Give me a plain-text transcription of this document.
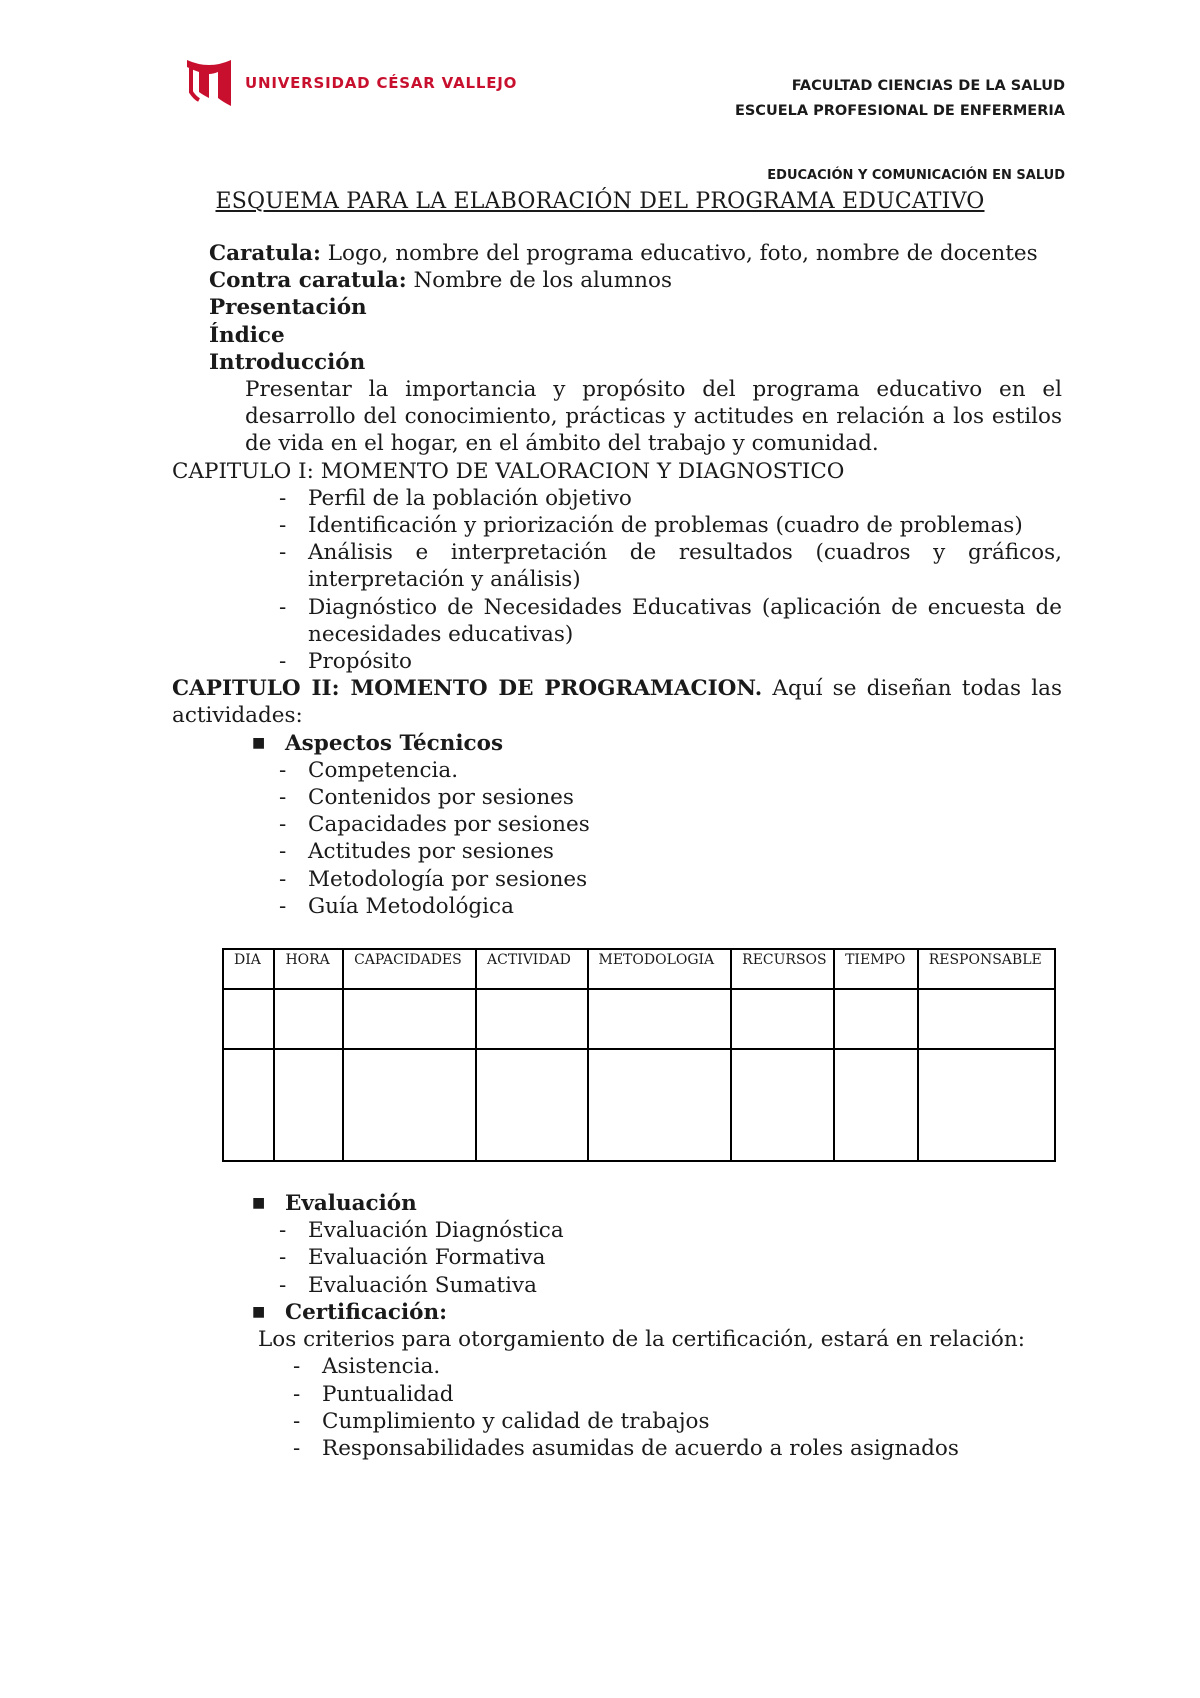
UNIVERSIDAD CÉSAR VALLEJO	FACULTAD CIENCIAS DE LA SALUD
ESCUELA PROFESIONAL DE ENFERMERIA
EDUCACIÓN Y COMUNICACIÓN EN SALUD
ESQUEMA PARA LA ELABORACIÓN DEL PROGRAMA EDUCATIVO

Caratula: Logo, nombre del programa educativo, foto, nombre de docentes

Contra caratula: Nombre de los alumnos

Presentación

Índice

Introducción

Presentar la importancia y propósito del programa educativo en el desarrollo del conocimiento, prácticas y actitudes en relación a los estilos de vida en el hogar, en el ámbito del trabajo y comunidad.

CAPITULO I: MOMENTO DE VALORACION Y DIAGNOSTICO

-	Perfil de la población objetivo
-	Identificación y priorización de problemas (cuadro de problemas)
-	Análisis e interpretación de resultados (cuadros y gráficos, interpretación y análisis)
-	Diagnóstico de Necesidades Educativas (aplicación de encuesta de necesidades educativas)
-	Propósito

CAPITULO II: MOMENTO DE PROGRAMACION. Aquí se diseñan todas las actividades:

■ Aspectos Técnicos
-	Competencia.
-	Contenidos por sesiones
-	Capacidades por sesiones
-	Actitudes por sesiones
-	Metodología por sesiones
-	Guía Metodológica
DIA	HORA	CAPACIDADES	ACTIVIDAD	METODOLOGIA	RECURSOS	TIEMPO	RESPONSABLE

■ Evaluación
-	Evaluación Diagnóstica
-	Evaluación Formativa
-	Evaluación Sumativa
■ Certificación:

Los criterios para otorgamiento de la certificación, estará en relación:

-	Asistencia.
-	Puntualidad
-	Cumplimiento y calidad de trabajos
-	Responsabilidades asumidas de acuerdo a roles asignados
